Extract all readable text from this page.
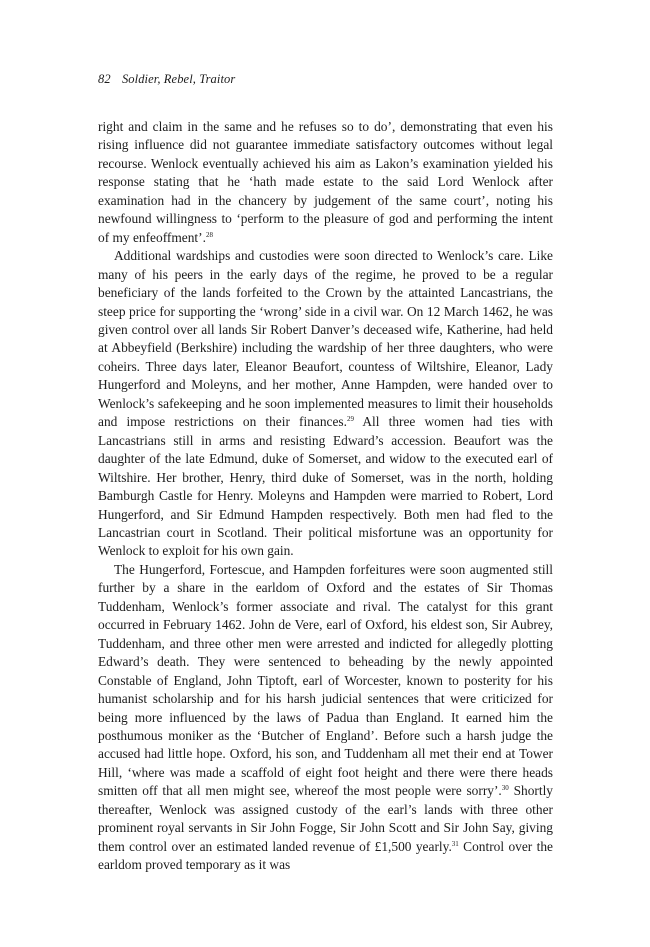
82 Soldier, Rebel, Traitor

right and claim in the same and he refuses so to do’, demonstrating that even his rising influence did not guarantee immediate satisfactory outcomes without legal recourse. Wenlock eventually achieved his aim as Lakon’s examination yielded his response stating that he ‘hath made estate to the said Lord Wenlock after examination had in the chancery by judgement of the same court’, noting his newfound willingness to ‘perform to the pleasure of god and performing the intent of my enfeoffment’.$^{28}$

Additional wardships and custodies were soon directed to Wenlock’s care. Like many of his peers in the early days of the regime, he proved to be a regular beneficiary of the lands forfeited to the Crown by the attainted Lancastrians, the steep price for supporting the ‘wrong’ side in a civil war. On 12 March 1462, he was given control over all lands Sir Robert Danver’s deceased wife, Katherine, had held at Abbeyfield (Berkshire) including the wardship of her three daughters, who were coheirs. Three days later, Eleanor Beaufort, countess of Wiltshire, Eleanor, Lady Hungerford and Moleyns, and her mother, Anne Hampden, were handed over to Wenlock’s safekeeping and he soon implemented measures to limit their households and impose restrictions on their finances.$^{29}$ All three women had ties with Lancastrians still in arms and resisting Edward’s accession. Beaufort was the daughter of the late Edmund, duke of Somerset, and widow to the executed earl of Wiltshire. Her brother, Henry, third duke of Somerset, was in the north, holding Bamburgh Castle for Henry. Moleyns and Hampden were married to Robert, Lord Hungerford, and Sir Edmund Hampden respectively. Both men had fled to the Lancastrian court in Scotland. Their political misfortune was an opportunity for Wenlock to exploit for his own gain.

The Hungerford, Fortescue, and Hampden forfeitures were soon augmented still further by a share in the earldom of Oxford and the estates of Sir Thomas Tuddenham, Wenlock’s former associate and rival. The catalyst for this grant occurred in February 1462. John de Vere, earl of Oxford, his eldest son, Sir Aubrey, Tuddenham, and three other men were arrested and indicted for allegedly plotting Edward’s death. They were sentenced to beheading by the newly appointed Constable of England, John Tiptoft, earl of Worcester, known to posterity for his humanist scholarship and for his harsh judicial sentences that were criticized for being more influenced by the laws of Padua than England. It earned him the posthumous moniker as the ‘Butcher of England’. Before such a harsh judge the accused had little hope. Oxford, his son, and Tuddenham all met their end at Tower Hill, ‘where was made a scaffold of eight foot height and there were there heads smitten off that all men might see, whereof the most people were sorry’.$^{30}$ Shortly thereafter, Wenlock was assigned custody of the earl’s lands with three other prominent royal servants in Sir John Fogge, Sir John Scott and Sir John Say, giving them control over an estimated landed revenue of £1,500 yearly.$^{31}$ Control over the earldom proved temporary as it was
